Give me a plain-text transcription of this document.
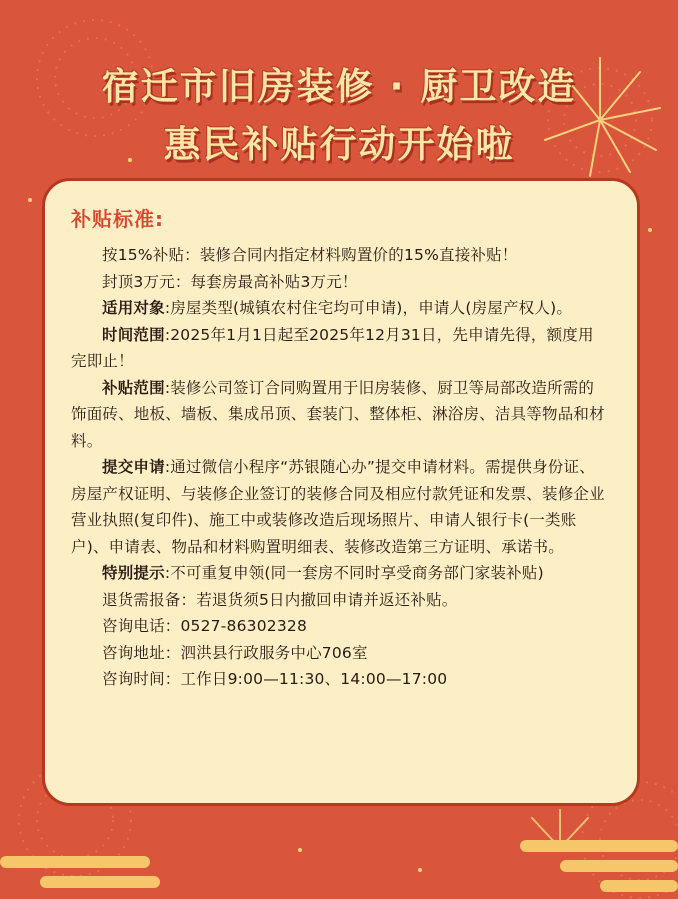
宿迁市旧房装修 · 厨卫改造
惠民补贴行动开始啦
补贴标准:

按15%补贴：装修合同内指定材料购置价的15%直接补贴！

封顶3万元：每套房最高补贴3万元！

适用对象:房屋类型(城镇农村住宅均可申请)，申请人(房屋产权人)。

时间范围:2025年1月1日起至2025年12月31日，先申请先得，额度用完即止！

补贴范围:装修公司签订合同购置用于旧房装修、厨卫等局部改造所需的饰面砖、地板、墙板、集成吊顶、套装门、整体柜、淋浴房、洁具等物品和材料。

提交申请:通过微信小程序“苏银随心办”提交申请材料。需提供身份证、房屋产权证明、与装修企业签订的装修合同及相应付款凭证和发票、装修企业营业执照(复印件)、施工中或装修改造后现场照片、申请人银行卡(一类账户)、申请表、物品和材料购置明细表、装修改造第三方证明、承诺书。

特别提示:不可重复申领(同一套房不同时享受商务部门家装补贴)

退货需报备：若退货须5日内撤回申请并返还补贴。

咨询电话：0527-86302328

咨询地址：泗洪县行政服务中心706室

咨询时间：工作日9:00—11:30、14:00—17:00
